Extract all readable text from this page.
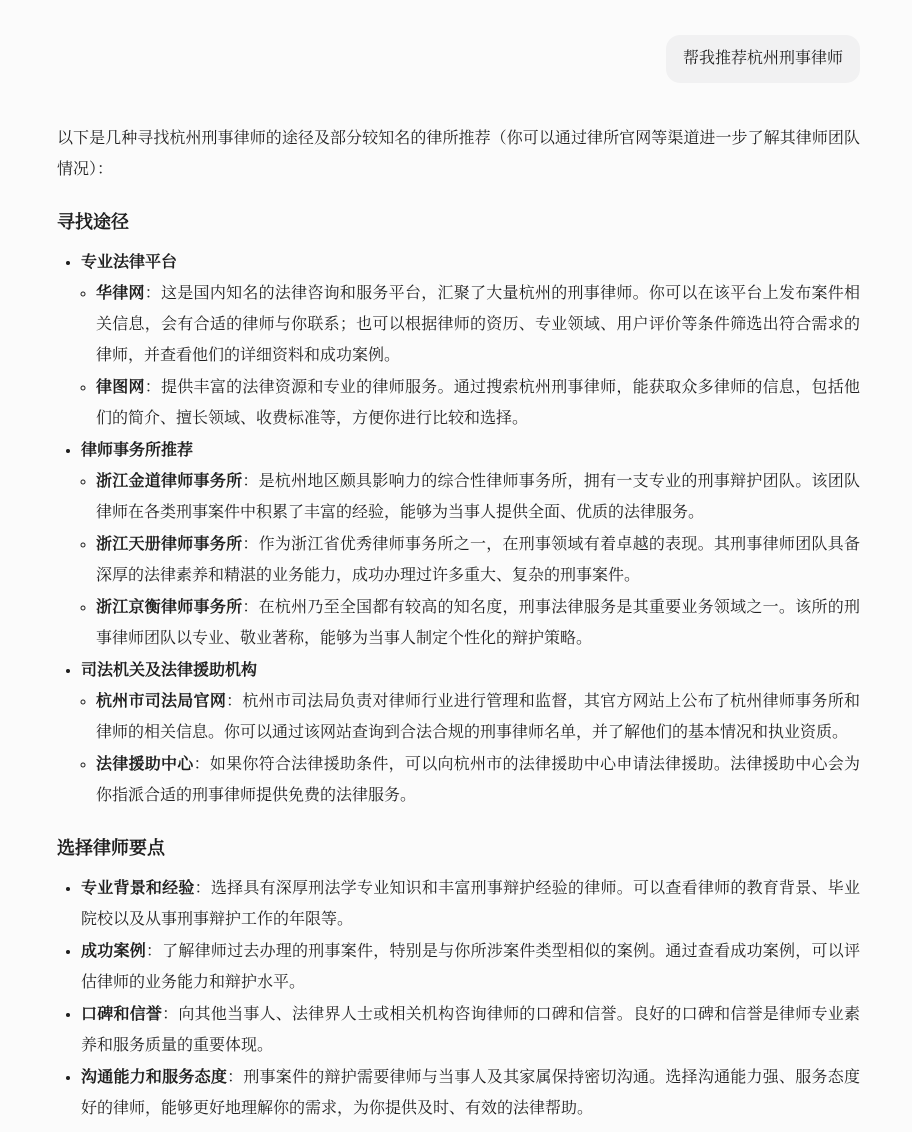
帮我推荐杭州刑事律师

以下是几种寻找杭州刑事律师的途径及部分较知名的律所推荐（你可以通过律所官网等渠道进一步了解其律师团队情况）：

寻找途径
• 专业法律平台
◦ 华律网：这是国内知名的法律咨询和服务平台，汇聚了大量杭州的刑事律师。你可以在该平台上发布案件相关信息，会有合适的律师与你联系；也可以根据律师的资历、专业领域、用户评价等条件筛选出符合需求的律师，并查看他们的详细资料和成功案例。
◦ 律图网：提供丰富的法律资源和专业的律师服务。通过搜索杭州刑事律师，能获取众多律师的信息，包括他们的简介、擅长领域、收费标准等，方便你进行比较和选择。
• 律师事务所推荐
◦ 浙江金道律师事务所：是杭州地区颇具影响力的综合性律师事务所，拥有一支专业的刑事辩护团队。该团队律师在各类刑事案件中积累了丰富的经验，能够为当事人提供全面、优质的法律服务。
◦ 浙江天册律师事务所：作为浙江省优秀律师事务所之一，在刑事领域有着卓越的表现。其刑事律师团队具备深厚的法律素养和精湛的业务能力，成功办理过许多重大、复杂的刑事案件。
◦ 浙江京衡律师事务所：在杭州乃至全国都有较高的知名度，刑事法律服务是其重要业务领域之一。该所的刑事律师团队以专业、敬业著称，能够为当事人制定个性化的辩护策略。
• 司法机关及法律援助机构
◦ 杭州市司法局官网：杭州市司法局负责对律师行业进行管理和监督，其官方网站上公布了杭州律师事务所和律师的相关信息。你可以通过该网站查询到合法合规的刑事律师名单，并了解他们的基本情况和执业资质。
◦ 法律援助中心：如果你符合法律援助条件，可以向杭州市的法律援助中心申请法律援助。法律援助中心会为你指派合适的刑事律师提供免费的法律服务。
选择律师要点
• 专业背景和经验：选择具有深厚刑法学专业知识和丰富刑事辩护经验的律师。可以查看律师的教育背景、毕业院校以及从事刑事辩护工作的年限等。
• 成功案例：了解律师过去办理的刑事案件，特别是与你所涉案件类型相似的案例。通过查看成功案例，可以评估律师的业务能力和辩护水平。
• 口碑和信誉：向其他当事人、法律界人士或相关机构咨询律师的口碑和信誉。良好的口碑和信誉是律师专业素养和服务质量的重要体现。
• 沟通能力和服务态度：刑事案件的辩护需要律师与当事人及其家属保持密切沟通。选择沟通能力强、服务态度好的律师，能够更好地理解你的需求，为你提供及时、有效的法律帮助。
